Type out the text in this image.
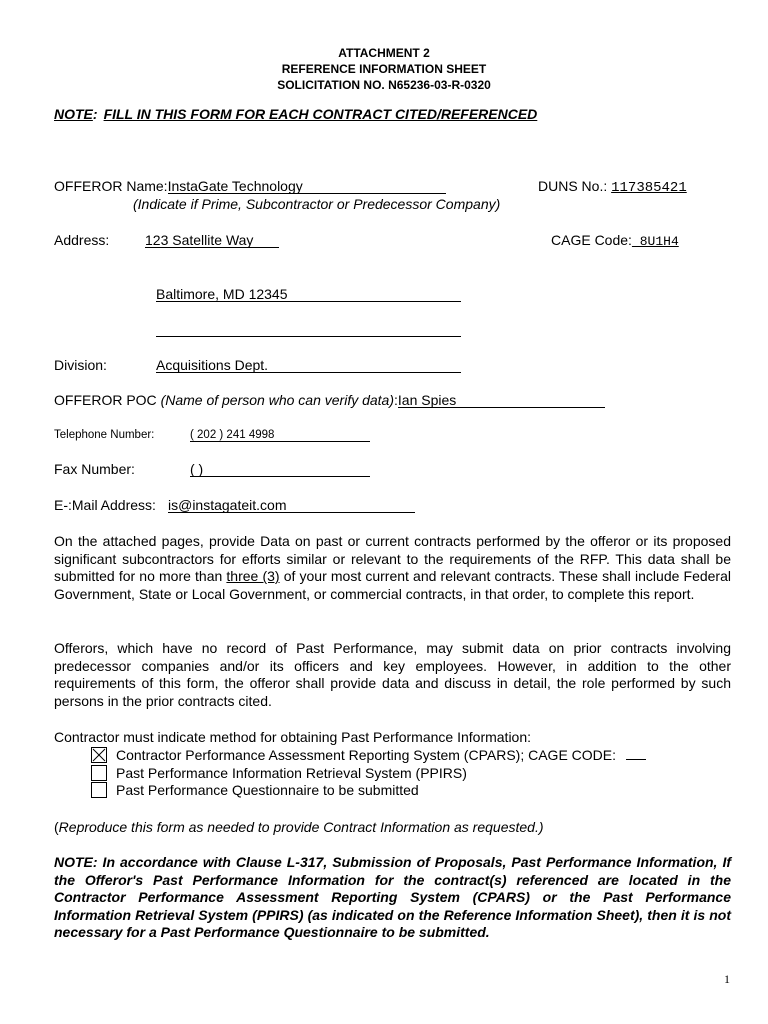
ATTACHMENT 2
REFERENCE INFORMATION SHEET
SOLICITATION NO. N65236-03-R-0320
NOTE: FILL IN THIS FORM FOR EACH CONTRACT CITED/REFERENCED
OFFEROR Name:InstaGate Technology	DUNS No.: 117385421
(Indicate if Prime, Subcontractor or Predecessor Company)
Address:	123 Satellite Way	CAGE Code: 8U1H4
Baltimore, MD 12345
Division:	Acquisitions Dept.
OFFEROR POC (Name of person who can verify data):Ian Spies
Telephone Number:	( 202 ) 241 4998
Fax Number:	( )
E-:Mail Address: is@instagateit.com
On the attached pages, provide Data on past or current contracts performed by the offeror or its proposed significant subcontractors for efforts similar or relevant to the requirements of the RFP. This data shall be submitted for no more than three (3) of your most current and relevant contracts. These shall include Federal Government, State or Local Government, or commercial contracts, in that order, to complete this report.
Offerors, which have no record of Past Performance, may submit data on prior contracts involving predecessor companies and/or its officers and key employees. However, in addition to the other requirements of this form, the offeror shall provide data and discuss in detail, the role performed by such persons in the prior contracts cited.
Contractor must indicate method for obtaining Past Performance Information:
Contractor Performance Assessment Reporting System (CPARS); CAGE CODE:
Past Performance Information Retrieval System (PPIRS)
Past Performance Questionnaire to be submitted
(Reproduce this form as needed to provide Contract Information as requested.)
NOTE: In accordance with Clause L-317, Submission of Proposals, Past Performance Information, If the Offeror's Past Performance Information for the contract(s) referenced are located in the Contractor Performance Assessment Reporting System (CPARS) or the Past Performance Information Retrieval System (PPIRS) (as indicated on the Reference Information Sheet), then it is not necessary for a Past Performance Questionnaire to be submitted.
1
